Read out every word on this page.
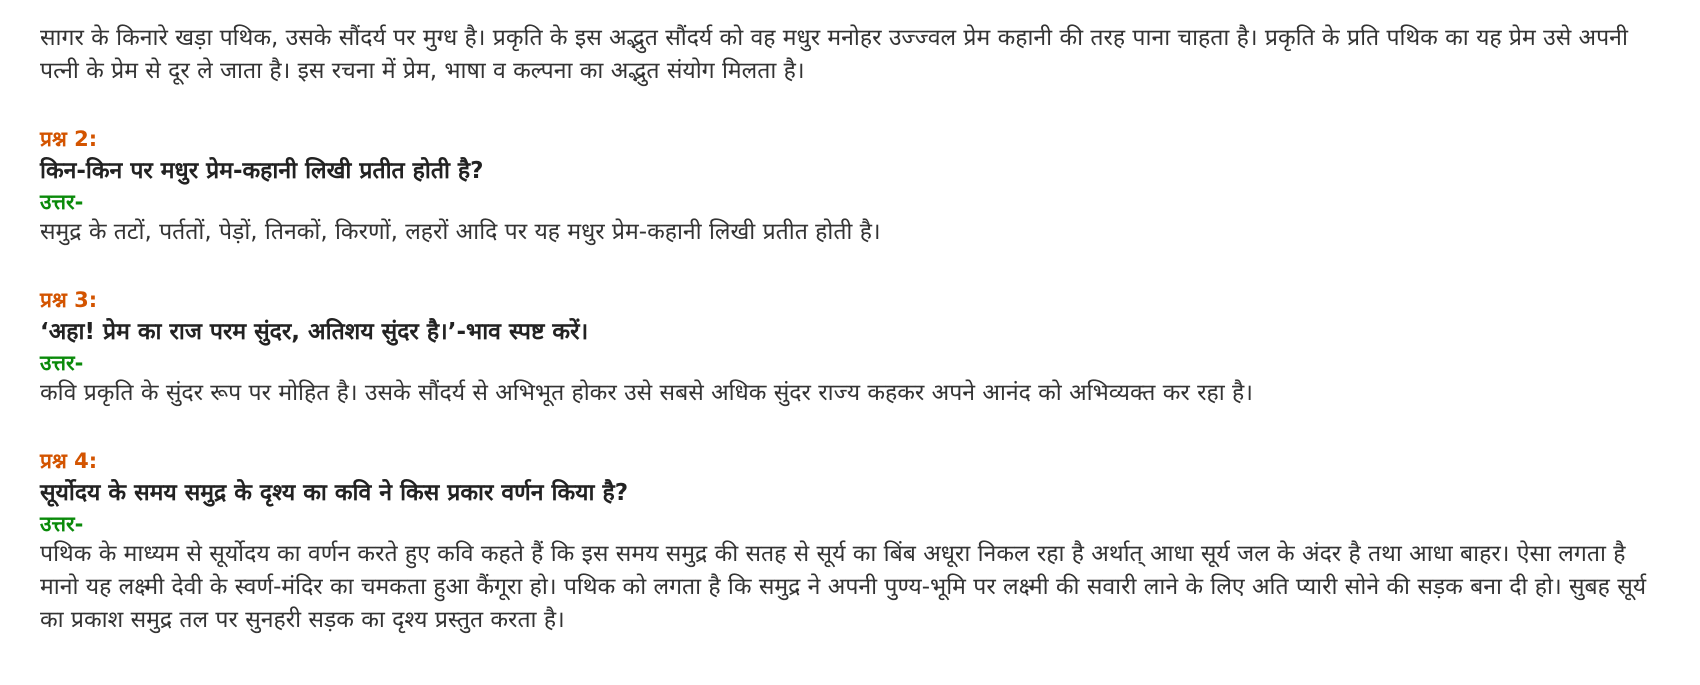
सागर के किनारे खड़ा पथिक, उसके सौंदर्य पर मुग्ध है। प्रकृति के इस अद्भुत सौंदर्य को वह मधुर मनोहर उज्ज्वल प्रेम कहानी की तरह पाना चाहता है। प्रकृति के प्रति पथिक का यह प्रेम उसे अपनी पत्नी के प्रेम से दूर ले जाता है। इस रचना में प्रेम, भाषा व कल्पना का अद्भुत संयोग मिलता है।

प्रश्न 2:

किन-किन पर मधुर प्रेम-कहानी लिखी प्रतीत होती है?

उत्तर-

समुद्र के तटों, पर्ततों, पेड़ों, तिनकों, किरणों, लहरों आदि पर यह मधुर प्रेम-कहानी लिखी प्रतीत होती है।

प्रश्न 3:

‘अहा! प्रेम का राज परम सुंदर, अतिशय सुंदर है।’-भाव स्पष्ट करें।

उत्तर-

कवि प्रकृति के सुंदर रूप पर मोहित है। उसके सौंदर्य से अभिभूत होकर उसे सबसे अधिक सुंदर राज्य कहकर अपने आनंद को अभिव्यक्त कर रहा है।

प्रश्न 4:

सूर्योदय के समय समुद्र के दृश्य का कवि ने किस प्रकार वर्णन किया है?

उत्तर-

पथिक के माध्यम से सूर्योदय का वर्णन करते हुए कवि कहते हैं कि इस समय समुद्र की सतह से सूर्य का बिंब अधूरा निकल रहा है अर्थात् आधा सूर्य जल के अंदर है तथा आधा बाहर। ऐसा लगता है मानो यह लक्ष्मी देवी के स्वर्ण-मंदिर का चमकता हुआ कैंगूरा हो। पथिक को लगता है कि समुद्र ने अपनी पुण्य-भूमि पर लक्ष्मी की सवारी लाने के लिए अति प्यारी सोने की सड़क बना दी हो। सुबह सूर्य का प्रकाश समुद्र तल पर सुनहरी सड़क का दृश्य प्रस्तुत करता है।
